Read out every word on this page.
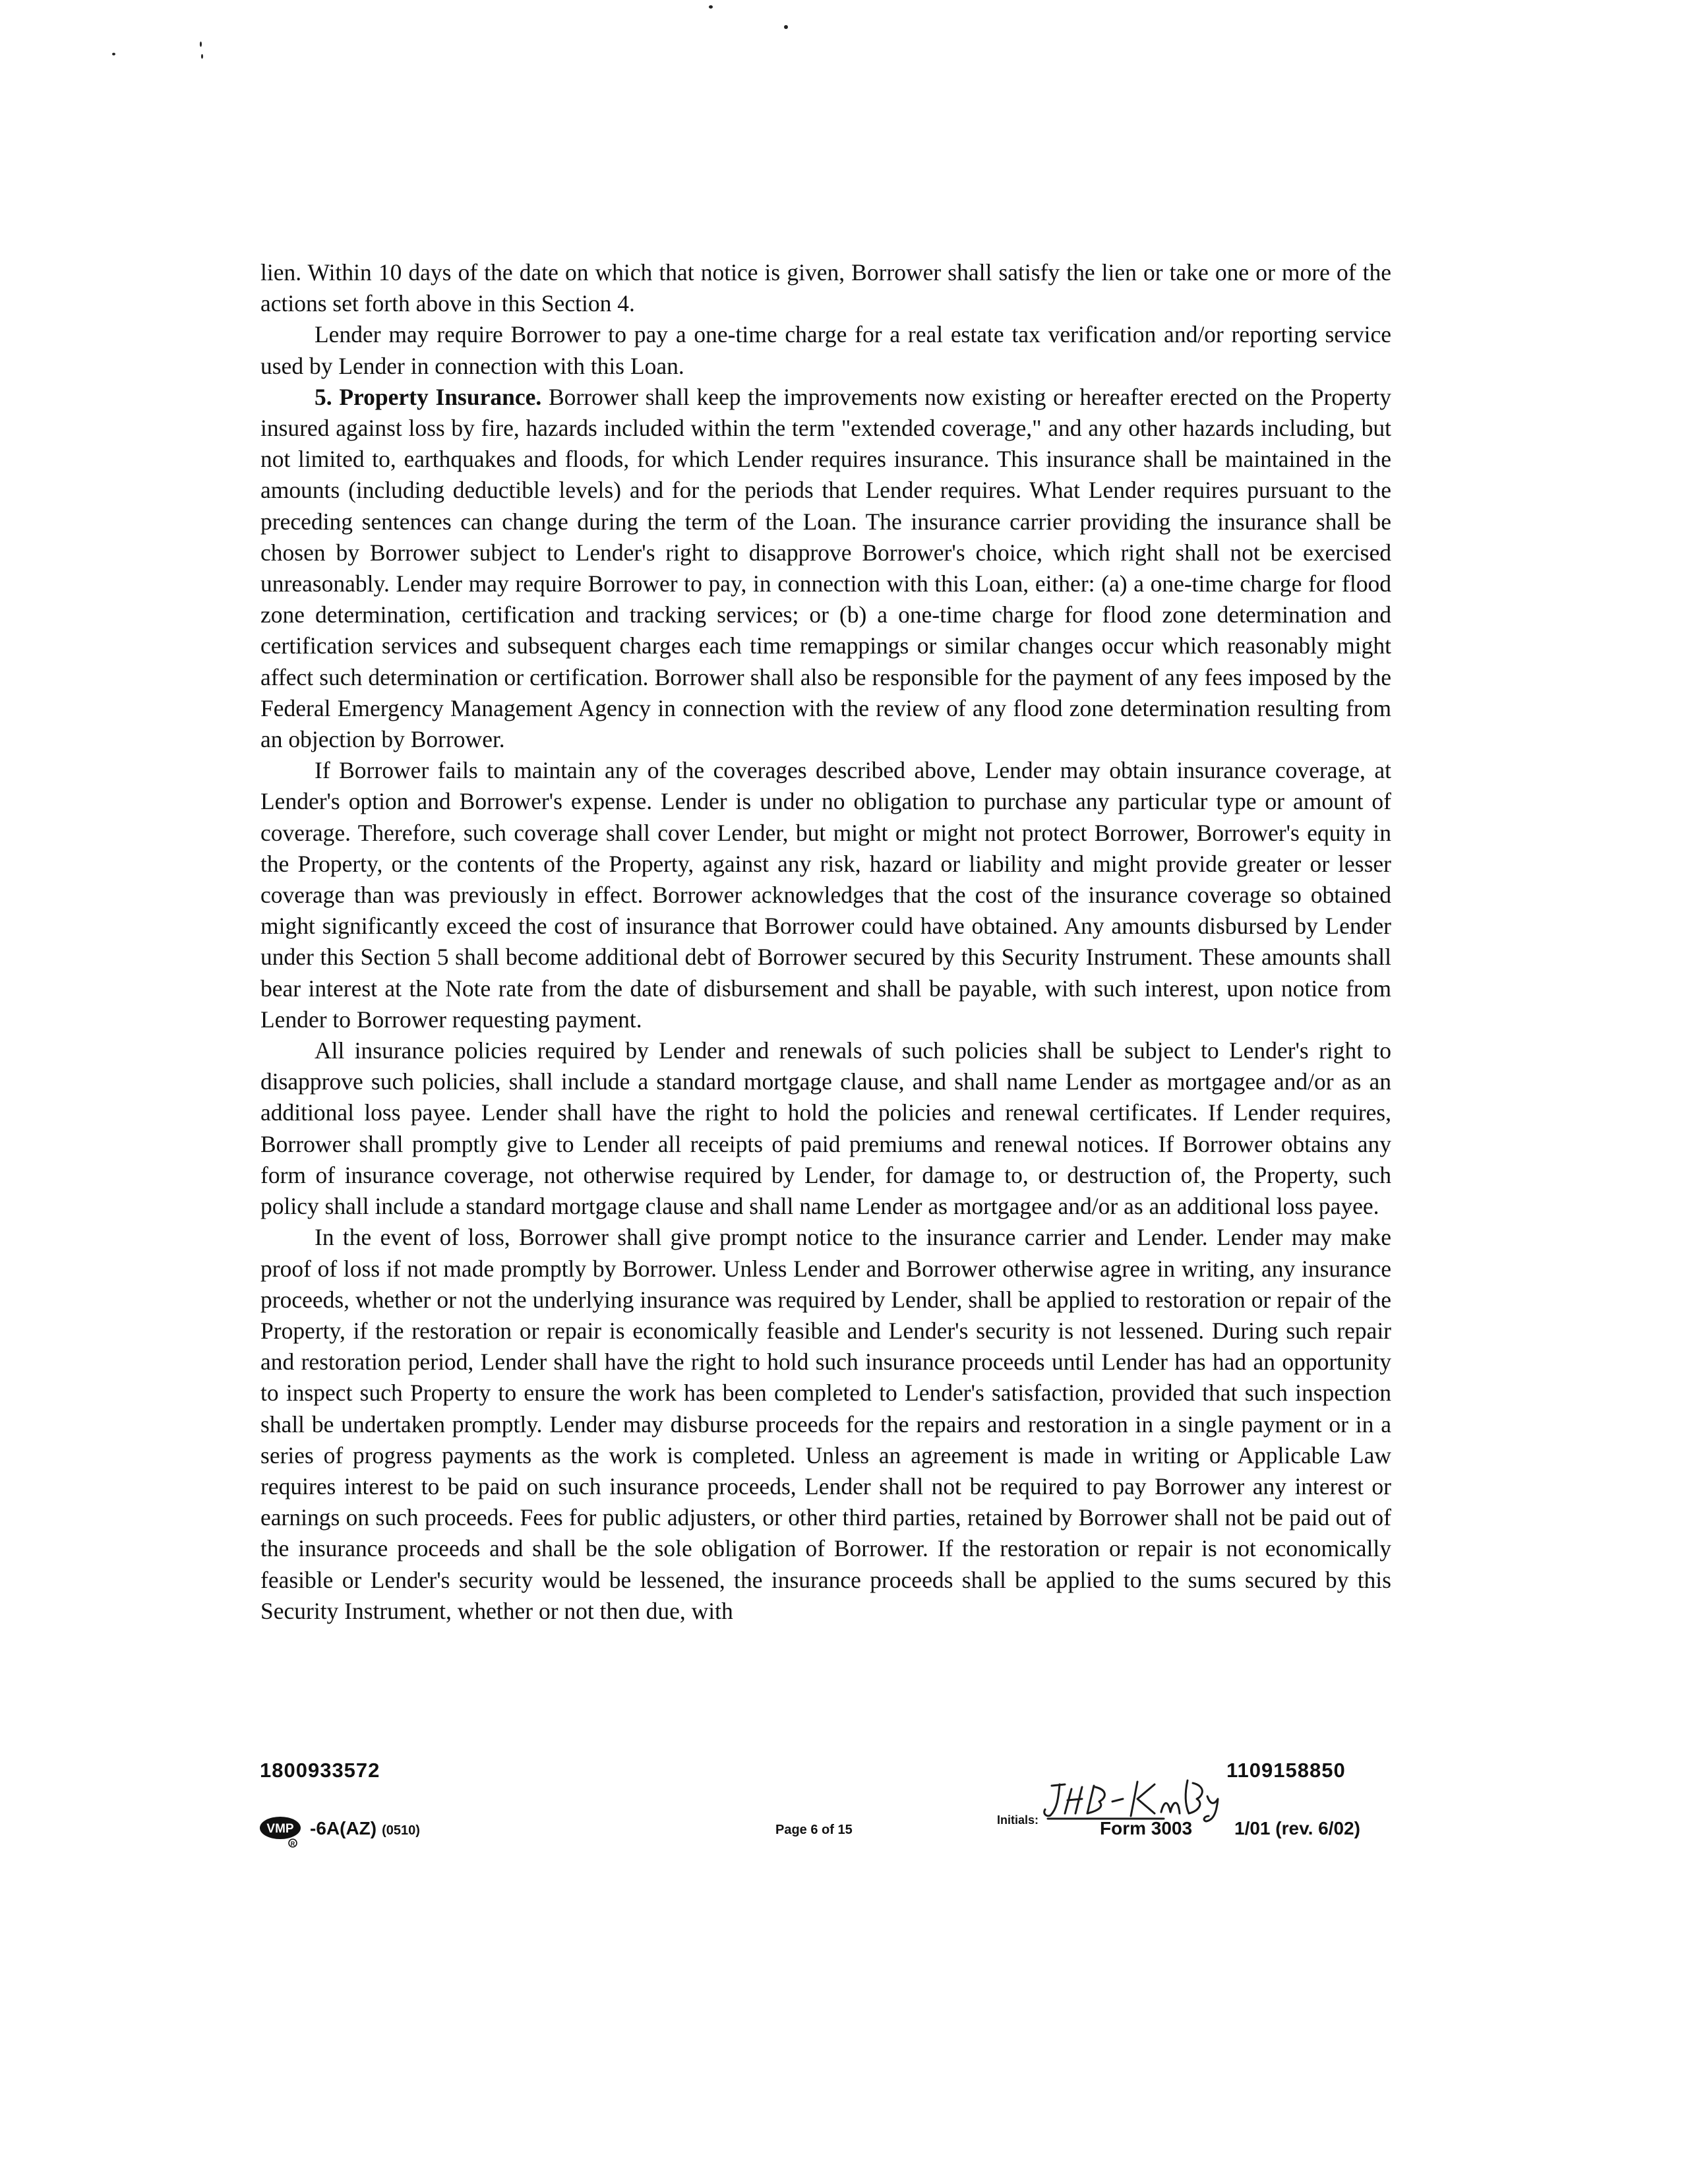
lien. Within 10 days of the date on which that notice is given, Borrower shall satisfy the lien or take one or more of the actions set forth above in this Section 4.

Lender may require Borrower to pay a one-time charge for a real estate tax verification and/or reporting service used by Lender in connection with this Loan.

5. Property Insurance. Borrower shall keep the improvements now existing or hereafter erected on the Property insured against loss by fire, hazards included within the term "extended coverage," and any other hazards including, but not limited to, earthquakes and floods, for which Lender requires insurance. This insurance shall be maintained in the amounts (including deductible levels) and for the periods that Lender requires. What Lender requires pursuant to the preceding sentences can change during the term of the Loan. The insurance carrier providing the insurance shall be chosen by Borrower subject to Lender's right to disapprove Borrower's choice, which right shall not be exercised unreasonably. Lender may require Borrower to pay, in connection with this Loan, either: (a) a one-time charge for flood zone determination, certification and tracking services; or (b) a one-time charge for flood zone determination and certification services and subsequent charges each time remappings or similar changes occur which reasonably might affect such determination or certification. Borrower shall also be responsible for the payment of any fees imposed by the Federal Emergency Management Agency in connection with the review of any flood zone determination resulting from an objection by Borrower.

If Borrower fails to maintain any of the coverages described above, Lender may obtain insurance coverage, at Lender's option and Borrower's expense. Lender is under no obligation to purchase any particular type or amount of coverage. Therefore, such coverage shall cover Lender, but might or might not protect Borrower, Borrower's equity in the Property, or the contents of the Property, against any risk, hazard or liability and might provide greater or lesser coverage than was previously in effect. Borrower acknowledges that the cost of the insurance coverage so obtained might significantly exceed the cost of insurance that Borrower could have obtained. Any amounts disbursed by Lender under this Section 5 shall become additional debt of Borrower secured by this Security Instrument. These amounts shall bear interest at the Note rate from the date of disbursement and shall be payable, with such interest, upon notice from Lender to Borrower requesting payment.

All insurance policies required by Lender and renewals of such policies shall be subject to Lender's right to disapprove such policies, shall include a standard mortgage clause, and shall name Lender as mortgagee and/or as an additional loss payee. Lender shall have the right to hold the policies and renewal certificates. If Lender requires, Borrower shall promptly give to Lender all receipts of paid premiums and renewal notices. If Borrower obtains any form of insurance coverage, not otherwise required by Lender, for damage to, or destruction of, the Property, such policy shall include a standard mortgage clause and shall name Lender as mortgagee and/or as an additional loss payee.

In the event of loss, Borrower shall give prompt notice to the insurance carrier and Lender. Lender may make proof of loss if not made promptly by Borrower. Unless Lender and Borrower otherwise agree in writing, any insurance proceeds, whether or not the underlying insurance was required by Lender, shall be applied to restoration or repair of the Property, if the restoration or repair is economically feasible and Lender's security is not lessened. During such repair and restoration period, Lender shall have the right to hold such insurance proceeds until Lender has had an opportunity to inspect such Property to ensure the work has been completed to Lender's satisfaction, provided that such inspection shall be undertaken promptly. Lender may disburse proceeds for the repairs and restoration in a single payment or in a series of progress payments as the work is completed. Unless an agreement is made in writing or Applicable Law requires interest to be paid on such insurance proceeds, Lender shall not be required to pay Borrower any interest or earnings on such proceeds. Fees for public adjusters, or other third parties, retained by Borrower shall not be paid out of the insurance proceeds and shall be the sole obligation of Borrower. If the restoration or repair is not economically feasible or Lender's security would be lessened, the insurance proceeds shall be applied to the sums secured by this Security Instrument, whether or not then due, with

1800933572	1109158850
VMP
R
-6A(AZ) (0510)	Page 6 of 15
Initials:
JHB KMBY
Form 3003 1/01 (rev. 6/02)
